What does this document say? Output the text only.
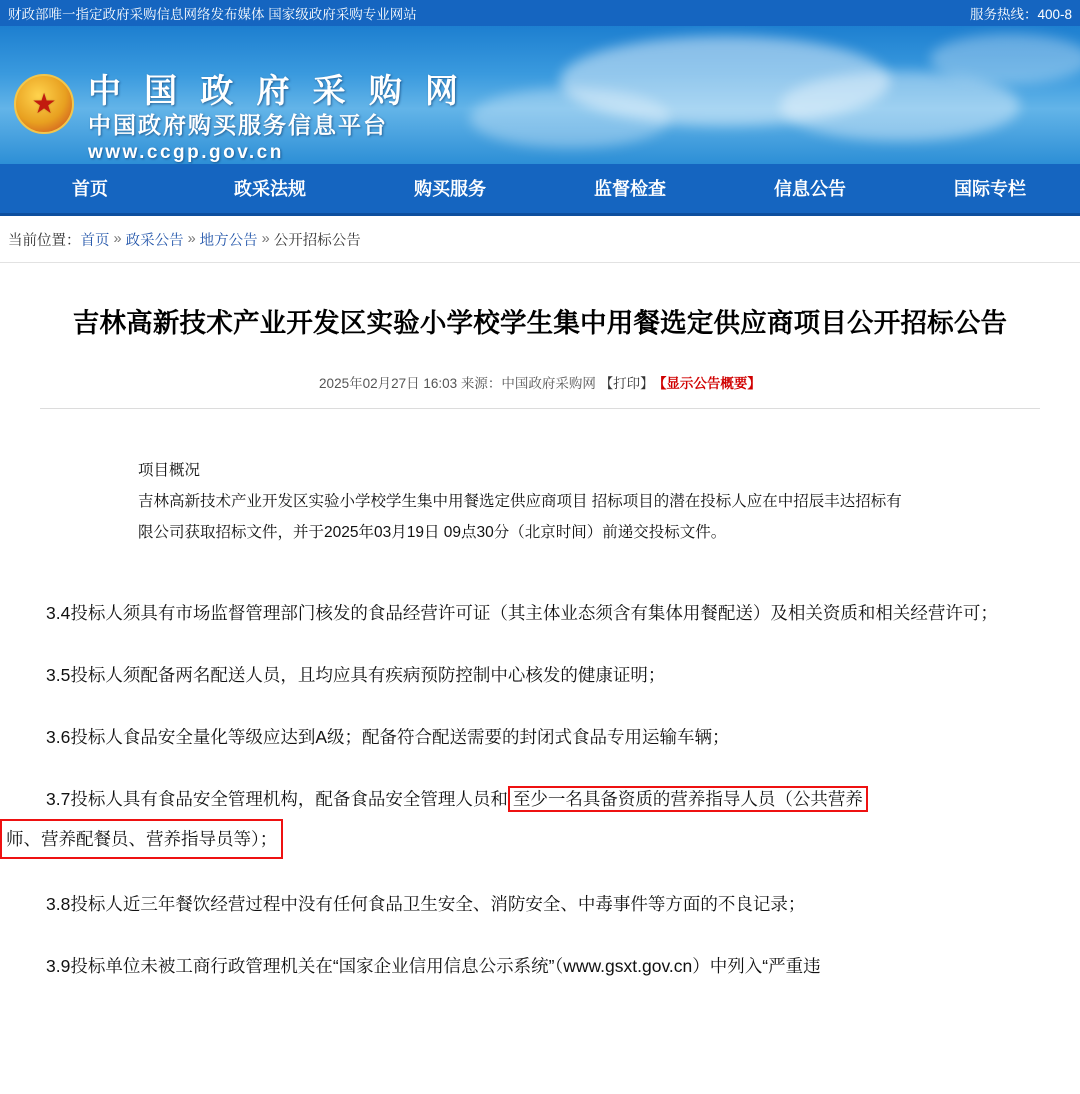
财政部唯一指定政府采购信息网络发布媒体 国家级政府采购专业网站	服务热线：400-8
★ 中 国 政 府 采 购 网
中国政府购买服务信息平台
www.ccgp.gov.cn
首页	政采法规	购买服务	监督检查	信息公告	国际专栏
当前位置： 首页 » 政采公告 » 地方公告 » 公开招标公告
吉林高新技术产业开发区实验小学校学生集中用餐选定供应商项目公开招标公告
2025年02月27日 16:03 来源：中国政府采购网 【打印】 【显示公告概要】

项目概况

吉林高新技术产业开发区实验小学校学生集中用餐选定供应商项目 招标项目的潜在投标人应在中招辰丰达招标有

限公司获取招标文件，并于2025年03月19日 09点30分（北京时间）前递交投标文件。

3.4投标人须具有市场监督管理部门核发的食品经营许可证（其主体业态须含有集体用餐配送）及相关资质和相关经营许可；

3.5投标人须配备两名配送人员，且均应具有疾病预防控制中心核发的健康证明；

3.6投标人食品安全量化等级应达到A级；配备符合配送需要的封闭式食品专用运输车辆；

3.7投标人具有食品安全管理机构，配备食品安全管理人员和 至少一名具备资质的营养指导人员（公共营养

师、营养配餐员、营养指导员等）；

3.8投标人近三年餐饮经营过程中没有任何食品卫生安全、消防安全、中毒事件等方面的不良记录；

3.9投标单位未被工商行政管理机关在“国家企业信用信息公示系统”（www.gsxt.gov.cn）中列入“严重违
